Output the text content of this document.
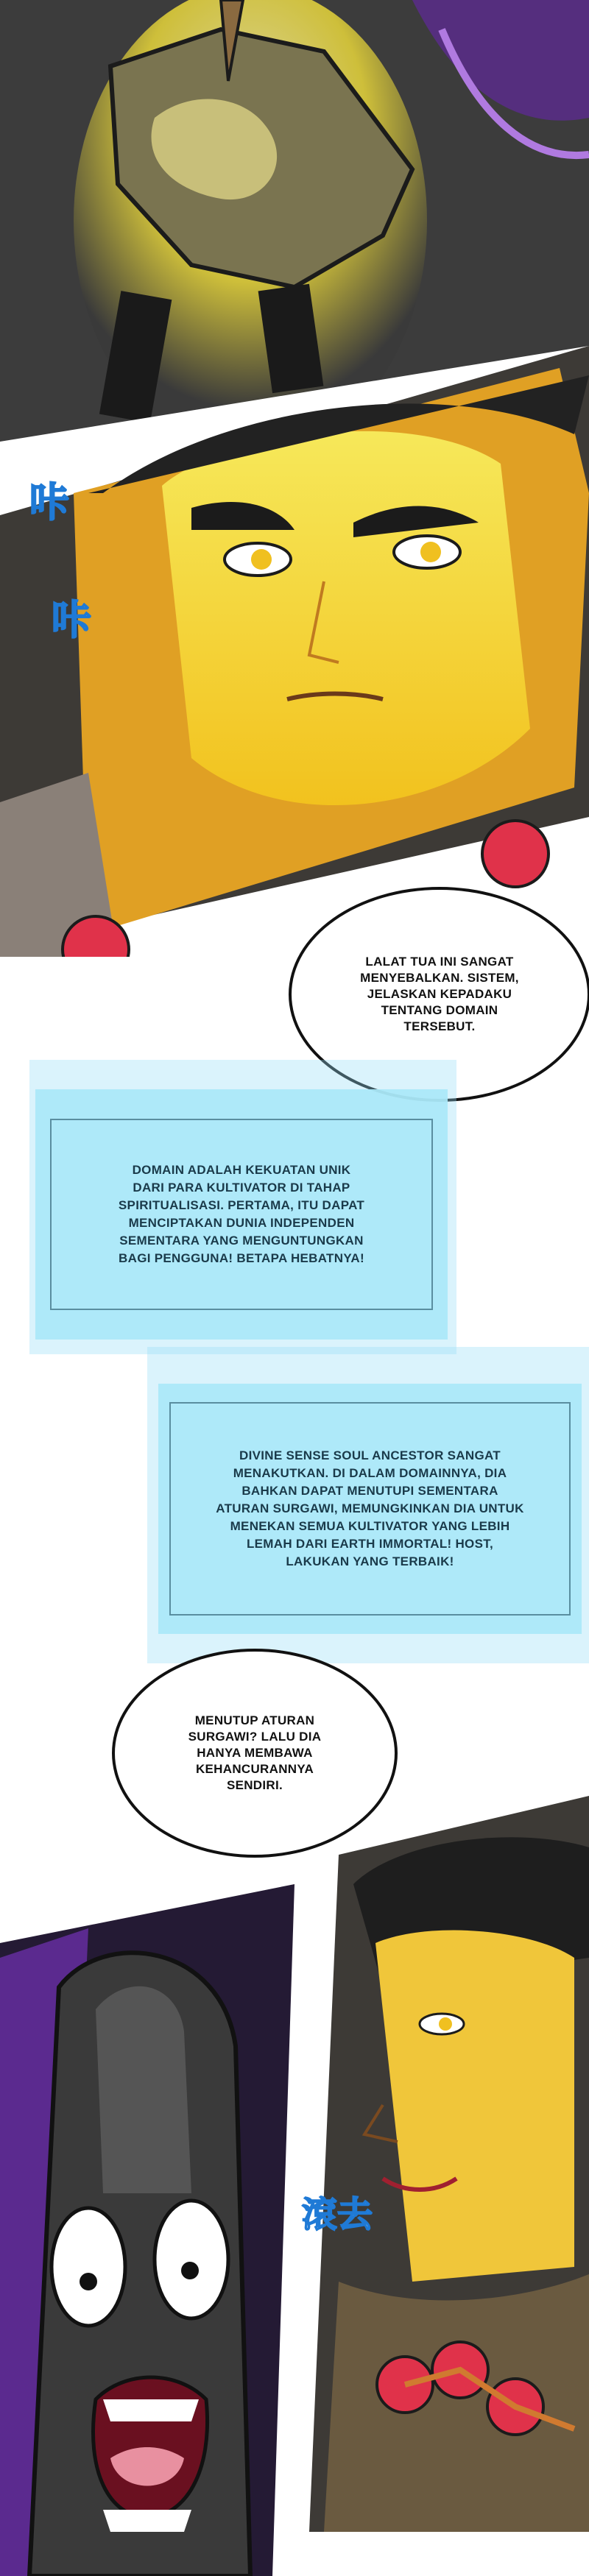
咔
咔
LALAT TUA INI SANGAT
MENYEBALKAN. SISTEM,
JELASKAN KEPADAKU
TENTANG DOMAIN
TERSEBUT.
DOMAIN ADALAH KEKUATAN UNIK
DARI PARA KULTIVATOR DI TAHAP
SPIRITUALISASI. PERTAMA, ITU DAPAT
MENCIPTAKAN DUNIA INDEPENDEN
SEMENTARA YANG MENGUNTUNGKAN
BAGI PENGGUNA! BETAPA HEBATNYA!
DIVINE SENSE SOUL ANCESTOR SANGAT
MENAKUTKAN. DI DALAM DOMAINNYA, DIA
BAHKAN DAPAT MENUTUPI SEMENTARA
ATURAN SURGAWI, MEMUNGKINKAN DIA UNTUK
MENEKAN SEMUA KULTIVATOR YANG LEBIH
LEMAH DARI EARTH IMMORTAL! HOST,
LAKUKAN YANG TERBAIK!
MENUTUP ATURAN
SURGAWI? LALU DIA
HANYA MEMBAWA
KEHANCURANNYA
SENDIRI.
滾去
